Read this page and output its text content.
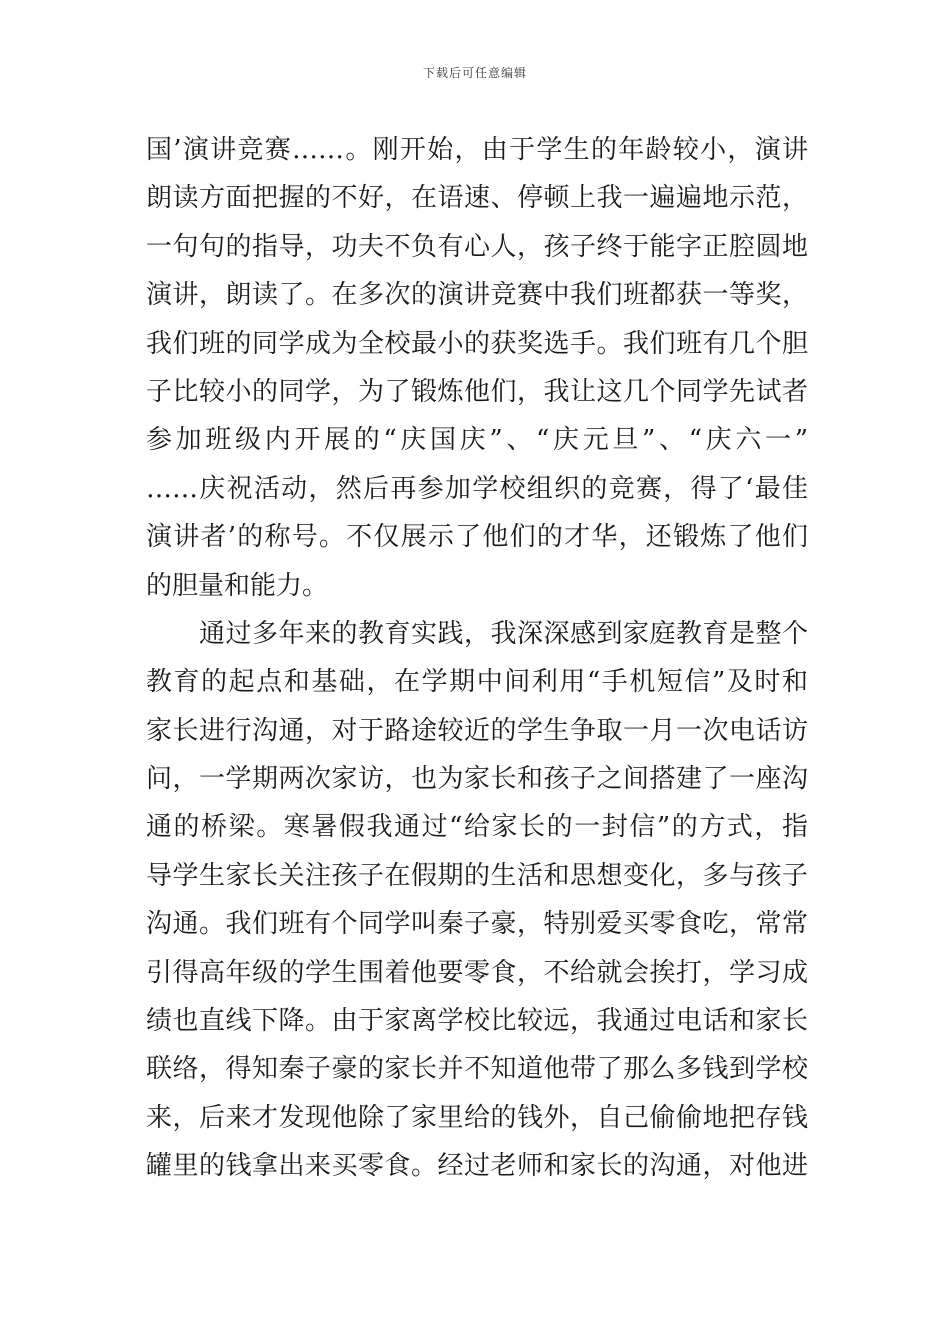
下载后可任意编辑
国’演讲竞赛……。刚开始，由于学生的年龄较小，演讲
朗读方面把握的不好，在语速、停顿上我一遍遍地示范，
一句句的指导，功夫不负有心人，孩子终于能字正腔圆地
演讲，朗读了。在多次的演讲竞赛中我们班都获一等奖，
我们班的同学成为全校最小的获奖选手。我们班有几个胆
子比较小的同学，为了锻炼他们，我让这几个同学先试者
参加班级内开展的“庆国庆”、“庆元旦”、“庆六一”
……庆祝活动，然后再参加学校组织的竞赛，得了‘最佳
演讲者’的称号。不仅展示了他们的才华，还锻炼了他们
的胆量和能力。
　　通过多年来的教育实践，我深深感到家庭教育是整个
教育的起点和基础，在学期中间利用“手机短信”及时和
家长进行沟通，对于路途较近的学生争取一月一次电话访
问，一学期两次家访，也为家长和孩子之间搭建了一座沟
通的桥梁。寒暑假我通过“给家长的一封信”的方式，指
导学生家长关注孩子在假期的生活和思想变化，多与孩子
沟通。我们班有个同学叫秦子豪，特别爱买零食吃，常常
引得高年级的学生围着他要零食，不给就会挨打，学习成
绩也直线下降。由于家离学校比较远，我通过电话和家长
联络，得知秦子豪的家长并不知道他带了那么多钱到学校
来，后来才发现他除了家里给的钱外，自己偷偷地把存钱
罐里的钱拿出来买零食。经过老师和家长的沟通，对他进
